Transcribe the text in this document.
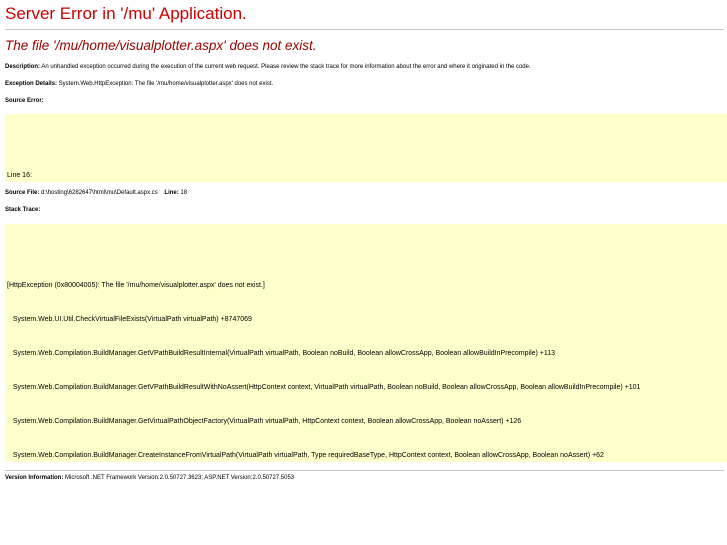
Server Error in '/mu' Application.
The file '/mu/home/visualplotter.aspx' does not exist.
Description: An unhandled exception occurred during the execution of the current web request. Please review the stack trace for more information about the error and where it originated in the code.
Exception Details: System.Web.HttpException: The file '/mu/home/visualplotter.aspx' does not exist.
Source Error:

Line 16:

Source File: d:\hosting\6282647\html\mu\Default.aspx.cs Line: 18
Stack Trace:

[HttpException (0x80004005): The file '/mu/home/visualplotter.aspx' does not exist.]

System.Web.UI.Util.CheckVirtualFileExists(VirtualPath virtualPath) +8747069

System.Web.Compilation.BuildManager.GetVPathBuildResultInternal(VirtualPath virtualPath, Boolean noBuild, Boolean allowCrossApp, Boolean allowBuildInPrecompile) +113

System.Web.Compilation.BuildManager.GetVPathBuildResultWithNoAssert(HttpContext context, VirtualPath virtualPath, Boolean noBuild, Boolean allowCrossApp, Boolean allowBuildInPrecompile) +101

System.Web.Compilation.BuildManager.GetVirtualPathObjectFactory(VirtualPath virtualPath, HttpContext context, Boolean allowCrossApp, Boolean noAssert) +126

System.Web.Compilation.BuildManager.CreateInstanceFromVirtualPath(VirtualPath virtualPath, Type requiredBaseType, HttpContext context, Boolean allowCrossApp, Boolean noAssert) +62

Version Information: Microsoft .NET Framework Version:2.0.50727.3623; ASP.NET Version:2.0.50727.5053
